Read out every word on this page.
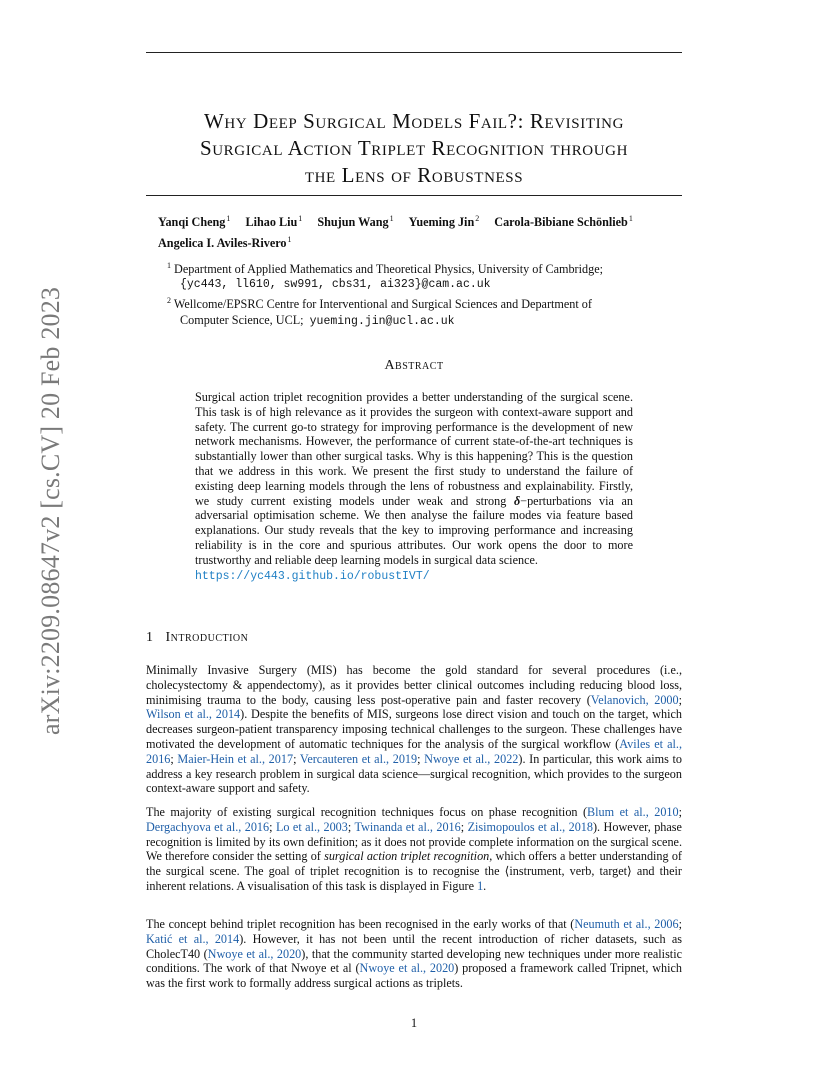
arXiv:2209.08647v2 [cs.CV] 20 Feb 2023
Why Deep Surgical Models Fail?: Revisiting
Surgical Action Triplet Recognition through
the Lens of Robustness
Yanqi Cheng$^1$ Lihao Liu$^1$ Shujun Wang$^1$ Yueming Jin$^2$ Carola-Bibiane Schönlieb$^1$
Angelica I. Aviles-Rivero$^1$
$^1$ Department of Applied Mathematics and Theoretical Physics, University of Cambridge;
{yc443, ll610, sw991, cbs31, ai323}@cam.ac.uk
$^2$ Wellcome/EPSRC Centre for Interventional and Surgical Sciences and Department of
Computer Science, UCL; yueming.jin@ucl.ac.uk
Abstract
Surgical action triplet recognition provides a better understanding of the surgical scene. This task is of high relevance as it provides the surgeon with context-aware support and safety. The current go-to strategy for improving performance is the development of new network mechanisms. However, the performance of current state-of-the-art techniques is substantially lower than other surgical tasks. Why is this happening? This is the question that we address in this work. We present the first study to understand the failure of existing deep learning models through the lens of robustness and explainability. Firstly, we study current existing models under weak and strong δ−perturbations via an adversarial optimisation scheme. We then analyse the failure modes via feature based explanations. Our study reveals that the key to improving performance and increasing reliability is in the core and spurious attributes. Our work opens the door to more trustworthy and reliable deep learning models in surgical data science.
https://yc443.github.io/robustIVT/
1 Introduction
Minimally Invasive Surgery (MIS) has become the gold standard for several procedures (i.e., cholecystectomy & appendectomy), as it provides better clinical outcomes including reducing blood loss, minimising trauma to the body, causing less post-operative pain and faster recovery (Velanovich, 2000; Wilson et al., 2014). Despite the benefits of MIS, surgeons lose direct vision and touch on the target, which decreases surgeon-patient transparency imposing technical challenges to the surgeon. These challenges have motivated the development of automatic techniques for the analysis of the surgical workflow (Aviles et al., 2016; Maier-Hein et al., 2017; Vercauteren et al., 2019; Nwoye et al., 2022). In particular, this work aims to address a key research problem in surgical data science—surgical recognition, which provides to the surgeon context-aware support and safety.
The majority of existing surgical recognition techniques focus on phase recognition (Blum et al., 2010; Dergachyova et al., 2016; Lo et al., 2003; Twinanda et al., 2016; Zisimopoulos et al., 2018). However, phase recognition is limited by its own definition; as it does not provide complete information on the surgical scene. We therefore consider the setting of surgical action triplet recognition, which offers a better understanding of the surgical scene. The goal of triplet recognition is to recognise the ⟨instrument, verb, target⟩ and their inherent relations. A visualisation of this task is displayed in Figure 1.
The concept behind triplet recognition has been recognised in the early works of that (Neumuth et al., 2006; Katić et al., 2014). However, it has not been until the recent introduction of richer datasets, such as CholecT40 (Nwoye et al., 2020), that the community started developing new techniques under more realistic conditions. The work of that Nwoye et al (Nwoye et al., 2020) proposed a framework called Tripnet, which was the first work to formally address surgical actions as triplets.
1
